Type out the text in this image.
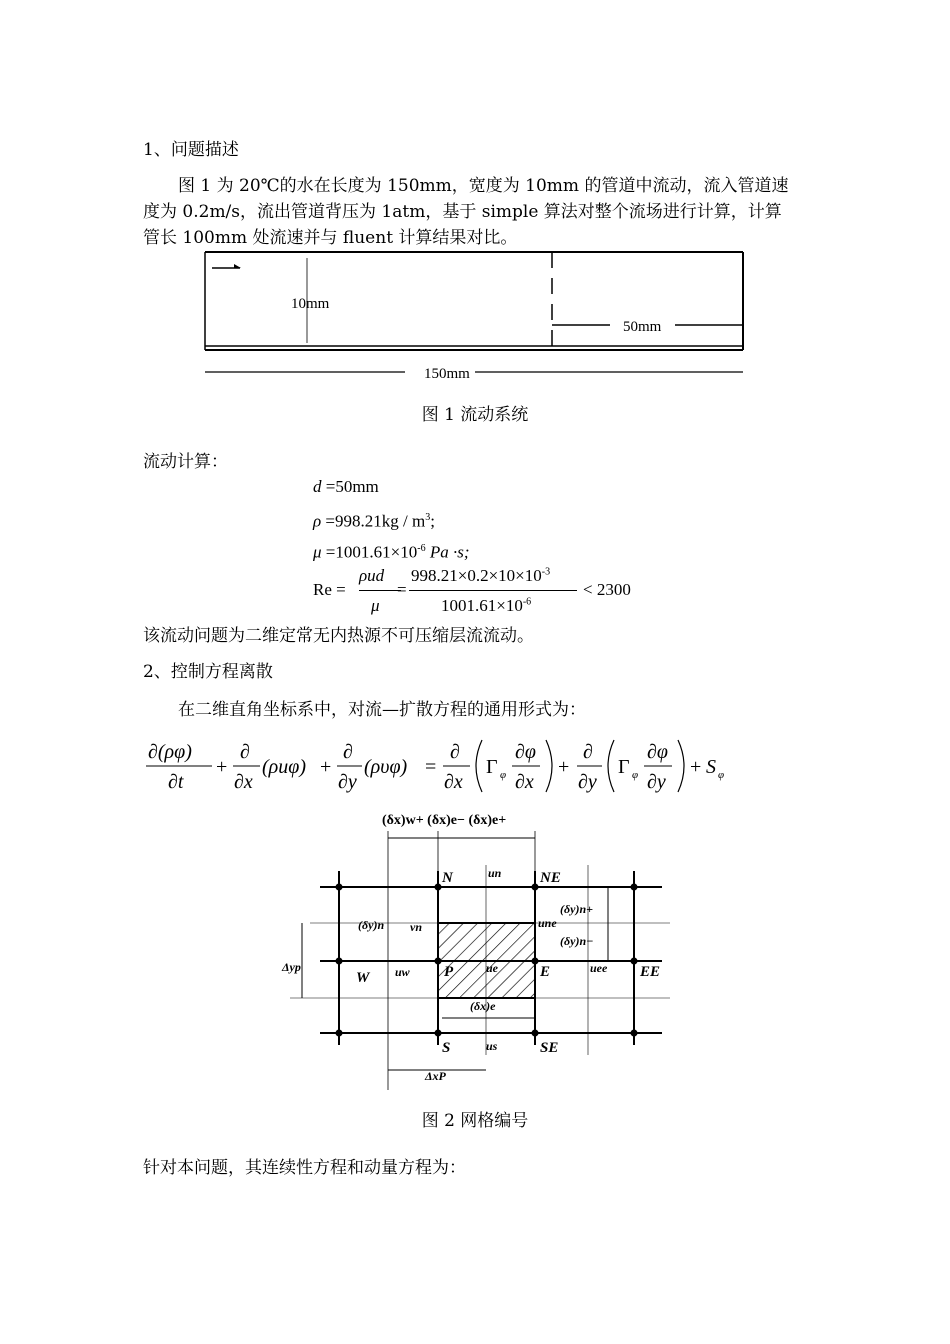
1、问题描述
图 1 为 20℃的水在长度为 150mm，宽度为 10mm 的管道中流动，流入管道速
度为 0.2m/s，流出管道背压为 1atm，基于 simple 算法对整个流场进行计算，计算
管长 100mm 处流速并与 fluent 计算结果对比。
10mm
50mm
150mm
图 1 流动系统
流动计算：
d =50mm
$\rho =998.21kg / m^3$;
$\mu =1001.61\times 10^{-6}$ Pa ·s;
Re =
ρud
μ
=
$998.21\times 0.2\times 10\times 10^{-3}$
$1001.61\times 10^{-6}$
< 2300
该流动问题为二维定常无内热源不可压缩层流流动。
2、控制方程离散
在二维直角坐标系中，对流—扩散方程的通用形式为：
∂(ρφ)
∂t
+
∂
∂x
(ρuφ) +
∂
∂y
(ρυφ) =
∂
∂x
Γ φ
∂φ
∂x
+
∂
∂y
Γ φ
∂φ
∂y
+ S φ
(δx)w+ (δx)e− (δx)e+
N	NE
W	P	E	EE
S	SE
un
vn
uw	ue	uee
us
une
(δy)n
(δy)n+
(δy)n−
(δx)e
Δyp
ΔxP
图 2 网格编号
针对本问题，其连续性方程和动量方程为：
